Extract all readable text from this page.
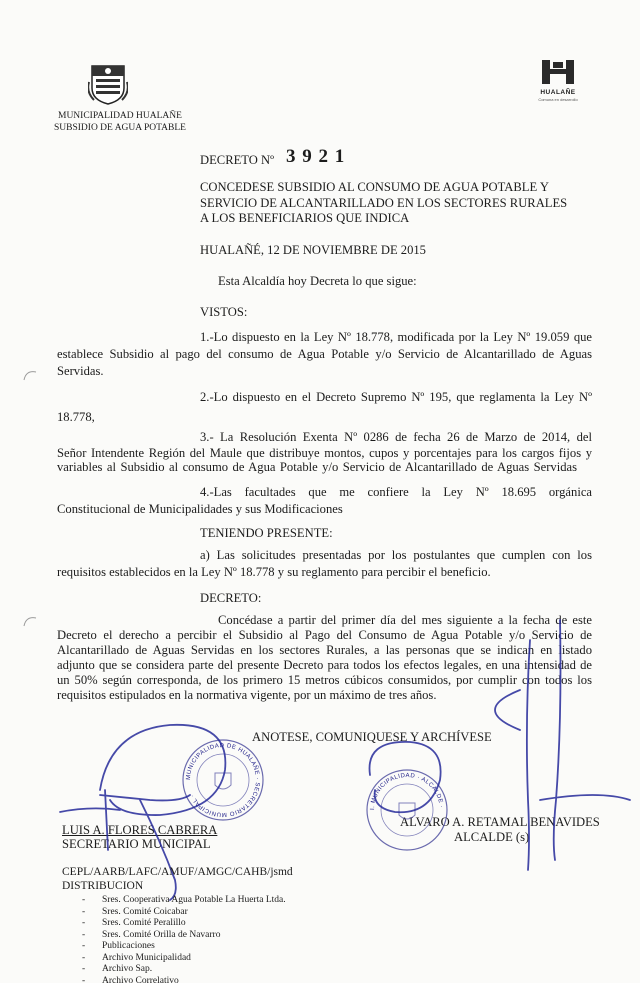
MUNICIPALIDAD HUALAÑE
SUBSIDIO DE AGUA POTABLE
HUALAÑE
Comuna en desarrollo
DECRETO Nº 3 9 2 1
CONCEDESE SUBSIDIO AL CONSUMO DE AGUA POTABLE Y
SERVICIO DE ALCANTARILLADO EN LOS SECTORES RURALES
A LOS BENEFICIARIOS QUE INDICA
HUALAÑÉ, 12 DE NOVIEMBRE DE 2015
Esta Alcaldía hoy Decreta lo que sigue:
VISTOS:
1.-Lo dispuesto en la Ley Nº 18.778, modificada por la Ley Nº 19.059 que
establece Subsidio al pago del consumo de Agua Potable y/o Servicio de Alcantarillado de Aguas
Servidas.
2.-Lo dispuesto en el Decreto Supremo Nº 195, que reglamenta la Ley Nº
18.778,
3.- La Resolución Exenta Nº 0286 de fecha 26 de Marzo de 2014, del
Señor Intendente Región del Maule que distribuye montos, cupos y porcentajes para los cargos fijos y
variables al Subsidio al consumo de Agua Potable y/o Servicio de Alcantarillado de Aguas Servidas
4.-Las facultades que me confiere la Ley Nº 18.695 orgánica
Constitucional de Municipalidades y sus Modificaciones
TENIENDO PRESENTE:
a) Las solicitudes presentadas por los postulantes que cumplen con los
requisitos establecidos en la Ley Nº 18.778 y su reglamento para percibir el beneficio.
DECRETO:
Concédase a partir del primer día del mes siguiente a la fecha de este
Decreto el derecho a percibir el Subsidio al Pago del Consumo de Agua Potable y/o Servicio de
Alcantarillado de Aguas Servidas en los sectores Rurales, a las personas que se indican en listado
adjunto que se considera parte del presente Decreto para todos los efectos legales, en una intensidad de
un 50% según corresponda, de los primero 15 metros cúbicos consumidos, por cumplir con todos los
requisitos estipulados en la normativa vigente, por un máximo de tres años.
ANOTESE, COMUNIQUESE Y ARCHÍVESE
LUIS A. FLORES CABRERA
SECRETARIO MUNICIPAL
ALVARO A. RETAMAL BENAVIDES
ALCALDE (s)
MUNICIPALIDAD DE HUALAÑE · SECRETARIO MUNICIPAL ·
I. MUNICIPALIDAD · ALCALDE ·
CEPL/AARB/LAFC/AMUF/AMGC/CAHB/jsmd
DISTRIBUCION
- Sres. Cooperativa Agua Potable La Huerta Ltda.
- Sres. Comité Coicabar
- Sres. Comité Peralillo
- Sres. Comité Orilla de Navarro
- Publicaciones
- Archivo Municipalidad
- Archivo Sap.
- Archivo Correlativo
